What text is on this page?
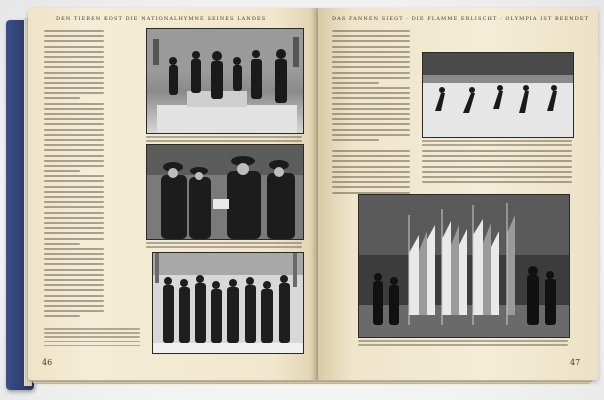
DEN TIEREN KOST DIE NATIONALHYMNE SEINES LANDES
46
DAS FANNEN SIEGT · DIE FLAMME ERLISCHT · OLYMPIA IST BEENDET
47
